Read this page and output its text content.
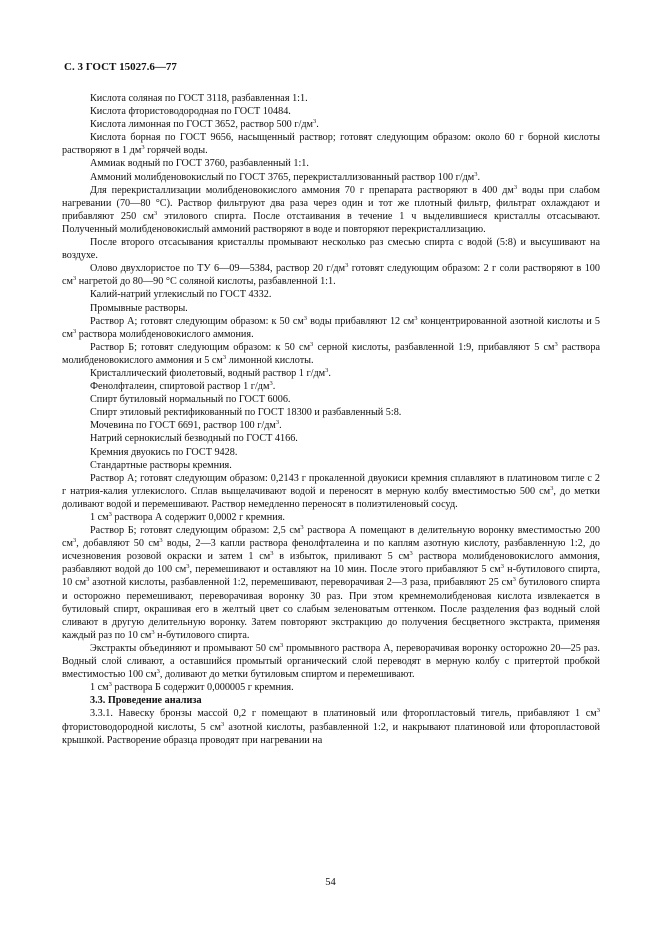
С. 3 ГОСТ 15027.6—77

Кислота соляная по ГОСТ 3118, разбавленная 1:1.

Кислота фтористоводородная по ГОСТ 10484.

Кислота лимонная по ГОСТ 3652, раствор 500 $г/дм^3$.

Кислота борная по ГОСТ 9656, насыщенный раствор; готовят следующим образом: около 60 г борной кислоты растворяют в 1 $дм^3$ горячей воды.

Аммиак водный по ГОСТ 3760, разбавленный 1:1.

Аммоний молибденовокислый по ГОСТ 3765, перекристаллизованный раствор 100 $г/дм^3$.

Для перекристаллизации молибденовокислого аммония 70 г препарата растворяют в 400 $дм^3$ воды при слабом нагревании (70—80 °С). Раствор фильтруют два раза через один и тот же плотный фильтр, фильтрат охлаждают и прибавляют 250 $см^3$ этилового спирта. После отстаивания в течение 1 ч выделившиеся кристаллы отсасывают. Полученный молибденовокислый аммоний растворяют в воде и повторяют перекристаллизацию.

После второго отсасывания кристаллы промывают несколько раз смесью спирта с водой (5:8) и высушивают на воздухе.

Олово двухлористое по ТУ 6—09—5384, раствор 20 $г/дм^3$ готовят следующим образом: 2 г соли растворяют в 100 $см^3$ нагретой до 80—90 °С соляной кислоты, разбавленной 1:1.

Калий-натрий углекислый по ГОСТ 4332.

Промывные растворы.

Раствор А; готовят следующим образом: к 50 $см^3$ воды прибавляют 12 $см^3$ концентрированной азотной кислоты и 5 $см^3$ раствора молибденовокислого аммония.

Раствор Б; готовят следующим образом: к 50 $см^3$ серной кислоты, разбавленной 1:9, прибавляют 5 $см^3$ раствора молибденовокислого аммония и 5 $см^3$ лимонной кислоты.

Кристаллический фиолетовый, водный раствор 1 $г/дм^3$.

Фенолфталеин, спиртовой раствор 1 $г/дм^3$.

Спирт бутиловый нормальный по ГОСТ 6006.

Спирт этиловый ректификованный по ГОСТ 18300 и разбавленный 5:8.

Мочевина по ГОСТ 6691, раствор 100 $г/дм^3$.

Натрий сернокислый безводный по ГОСТ 4166.

Кремния двуокись по ГОСТ 9428.

Стандартные растворы кремния.

Раствор А; готовят следующим образом: 0,2143 г прокаленной двуокиси кремния сплавляют в платиновом тигле с 2 г натрия-калия углекислого. Сплав выщелачивают водой и переносят в мерную колбу вместимостью 500 $см^3$, до метки доливают водой и перемешивают. Раствор немедленно переносят в полиэтиленовый сосуд.

1 $см^3$ раствора А содержит 0,0002 г кремния.

Раствор Б; готовят следующим образом: 2,5 $см^3$ раствора А помещают в делительную воронку вместимостью 200 $см^3$, добавляют 50 $см^3$ воды, 2—3 капли раствора фенолфталеина и по каплям азотную кислоту, разбавленную 1:2, до исчезновения розовой окраски и затем 1 $см^3$ в избыток, приливают 5 $см^3$ раствора молибденовокислого аммония, разбавляют водой до 100 $см^3$, перемешивают и оставляют на 10 мин. После этого прибавляют 5 $см^3$ н-бутилового спирта, 10 $см^3$ азотной кислоты, разбавленной 1:2, перемешивают, переворачивая 2—3 раза, прибавляют 25 $см^3$ бутилового спирта и осторожно перемешивают, переворачивая воронку 30 раз. При этом кремнемолибденовая кислота извлекается в бутиловый спирт, окрашивая его в желтый цвет со слабым зеленоватым оттенком. После разделения фаз водный слой сливают в другую делительную воронку. Затем повторяют экстракцию до получения бесцветного экстракта, применяя каждый раз по 10 $см^3$ н-бутилового спирта.

Экстракты объединяют и промывают 50 $см^3$ промывного раствора А, переворачивая воронку осторожно 20—25 раз. Водный слой сливают, а оставшийся промытый органический слой переводят в мерную колбу с притертой пробкой вместимостью 100 $см^3$, доливают до метки бутиловым спиртом и перемешивают.

1 $см^3$ раствора Б содержит 0,000005 г кремния.

3.3. Проведение анализа

3.3.1. Навеску бронзы массой 0,2 г помещают в платиновый или фторопластовый тигель, прибавляют 1 $см^3$ фтористоводородной кислоты, 5 $см^3$ азотной кислоты, разбавленной 1:2, и накрывают платиновой или фторопластовой крышкой. Растворение образца проводят при нагревании на

54
